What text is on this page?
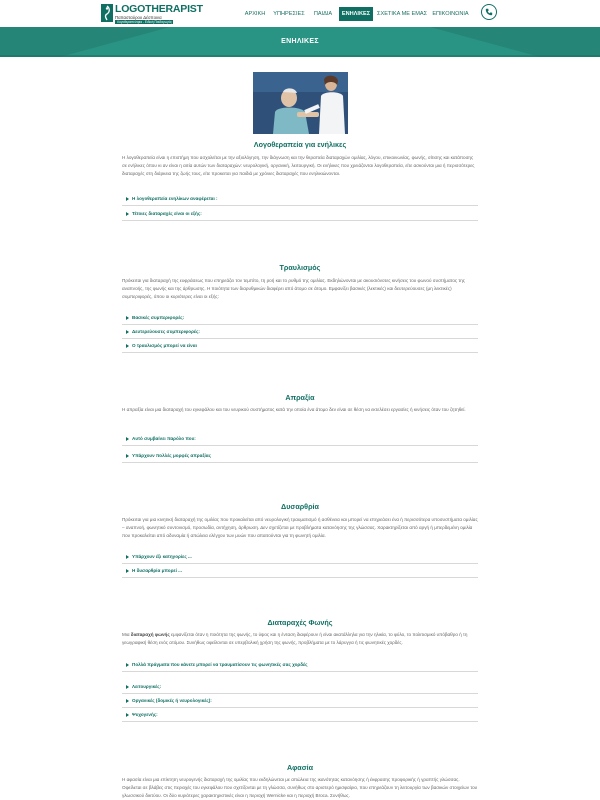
LOGOTHERAPIST
Παπασταύρου Δέσποινα
Λογοθεραπεύτρια - Ειδική Παιδαγωγός
ΑΡΧΙΚΗ ΥΠΗΡΕΣΙΕΣ	ΠΑΙΔΙΑ	ΕΝΗΛΙΚΕΣ	ΣΧΕΤΙΚΑ ΜΕ ΕΜΑΣ ΕΠΙΚΟΙΝΩΝΙΑ
ΕΝΗΛΙΚΕΣ
Λογοθεραπεία για ενήλικες
Η λογοθεραπεία είναι η επιστήμη που ασχολείται με την αξιολόγηση, την διάγνωση και την θεραπεία διαταραχών ομιλίας, λόγου, επικοινωνίας, φωνής, σίτισης και κατάποσης σε ενήλικες όπου κι αν είναι η αιτία αυτών των διαταραχών: νευρολογική, οργανική, λειτουργική. Οι ενήλικες που χρειάζονται λογοθεραπεία, είτε ασκούνται μια ή περισσότερες διαταραχές στη διάρκεια της ζωής τους, είτε προκειται για παιδιά με χρόνιες διαταραχές που ενηλικιώνονται.
Η λογοθεραπεία ενηλίκων αναφέρεται :
Τέτοιες διαταραχές είναι οι εξής:
Τραυλισμός
Πρόκειται για διαταραχή της ευφράσεως που επηρεάζει τον τεμπίτο, τη ροή και το ρυθμό της ομιλίας. Εκδηλώνονται με ακουσιόνοτες κινήσεις του φωνού συστήματος της αναπνοής, της φωνής και της άρθρωσης. Η ποιότητα των διαρυθμικών διαφέρει από άτομο σε άτομο. Εμφανίζει βασικές (λεκτικές) και δευτερεύουσες (μη λεκτικές) συμπεριφορές, όπου οι κυριότερες είναι οι εξής:
Βασικές συμπεριφορές:
Δευτερεύουσες συμπεριφορές:
Ο τραυλισμός μπορεί να είναι
Απραξία
Η απραξία είναι μια διαταραχή του εγκεφάλου και του νευρικού συστήματος κατά την οποία ένα άτομο δεν είναι σε θέση να εκτελέσει εργασίες ή κινήσεις όταν του ζητηθεί.
Αυτό συμβαίνει παρόλο που:
Υπάρχουν πολλές μορφές απραξίας
Δυσαρθρία
Πρόκειται για μια κινητική διαταραχή της ομιλίας που προκαλείται από νευρολογική τραυματισμό ή ασθένεια και μπορεί να επηρεάσει ένα ή περισσότερα υποσυστήματα ομιλίας – αναπνοή, φωνητικό συντονισμό, προσωδία, αντήχηση, άρθρωση. Δεν σχετίζεται με προβλήματα κατανόησης της γλώσσας. Χαρακτηρίζεται από αργή ή μπερδεμένη ομιλία που προκαλείται από αδυναμία ή απώλεια ελέγχου των μυών που απαιτούνται για τη φωνητή ομιλία.
Υπάρχουν έξι κατηγορίες ...
Η δυσαρθρία μπορεί ...
Διαταραχές Φωνής
Μια διαταραχή φωνής εμφανίζεται όταν η ποιότητα της φωνής, το ύψος και η ένταση διαφέρουν ή είναι ακατάλληλα για την ηλικία, το φύλο, το πολιτισμικό υπόβαθρο ή τη γεωγραφική θέση ενός ατόμου. Συνήθως οφείλονται σε υπερβολική χρήση της φωνής, προβλήματα με το λάρυγγα ή τις φωνητικές χορδές.
Πολλά πράγματα που κάνετε μπορεί να τραυματίσουν τις φωνητικές σας χορδές
Λειτουργικές:
Οργανικές (δομικές ή νευρολογικές):
Ψυχογενής:
Αφασία
Η αφασία είναι μια επίκτητη νευρογενής διαταραχή της ομιλίας που εκδηλώνεται με απώλεια της ικανότητας κατανόησης ή έκφρασης προφορικής ή γραπτής γλώσσας. Οφείλεται σε βλάβες στις περιοχές του εγκεφάλου που σχετίζονται με τη γλώσσα, συνήθως στο αριστερό ημισφαίριο, που επηρεάζουν τη λειτουργία των βασικών στοιχείων του γλωσσικού δικτύου. Οι δύο κυριότερες χαρακτηριστικές είναι η περιοχή Wernicke και η περιοχή Broca. Συνήθως.
